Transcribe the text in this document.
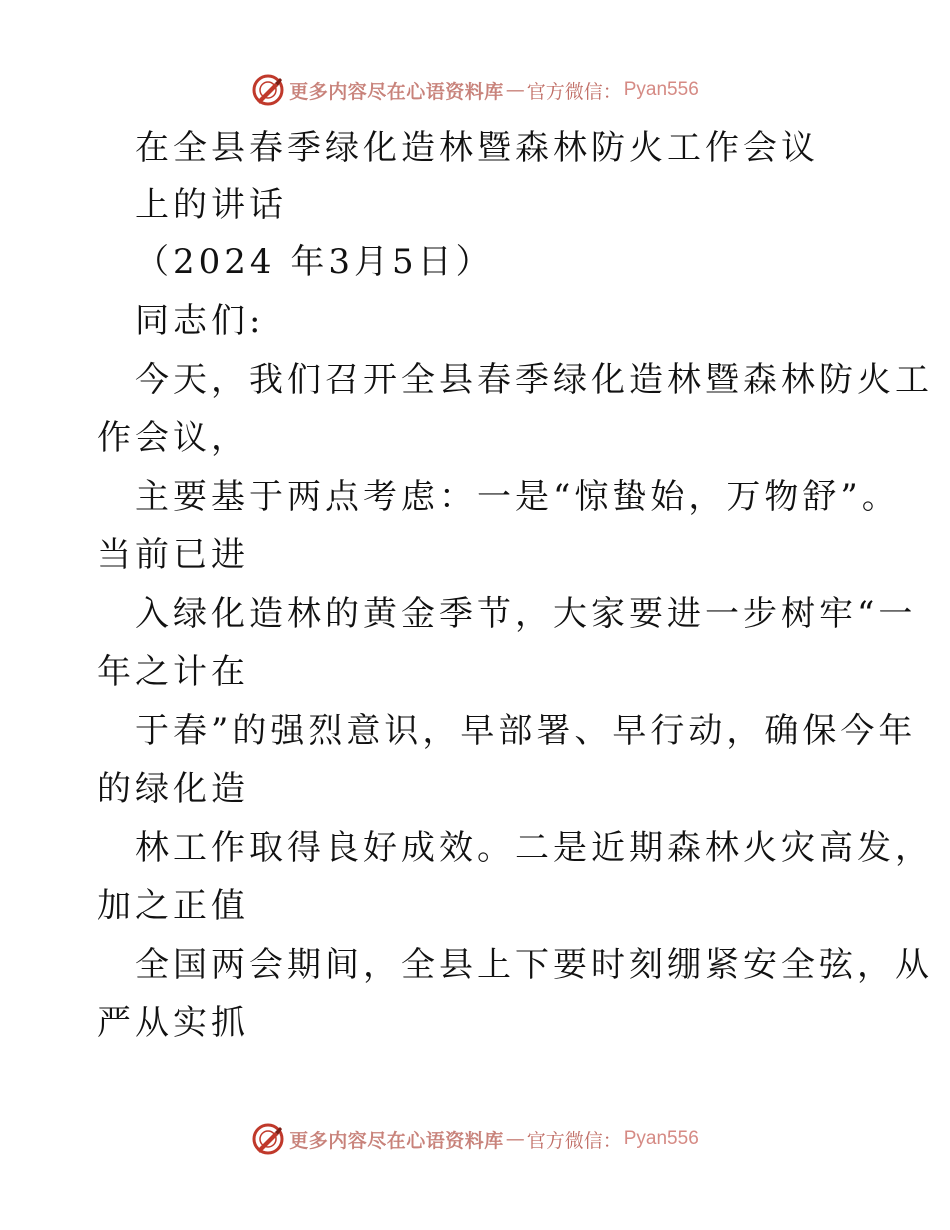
更多内容尽在心语资料库 — 官方微信： Pyan556
在全县春季绿化造林暨森林防火工作会议
上的讲话
（2024 年3月5日）
同志们:
今天，我们召开全县春季绿化造林暨森林防火工
作会议，
主要基于两点考虑：一是“惊蛰始，万物舒”。
当前已进
入绿化造林的黄金季节，大家要进一步树牢“一
年之计在
于春”的强烈意识，早部署、早行动，确保今年
的绿化造
林工作取得良好成效。二是近期森林火灾高发，
加之正值
全国两会期间，全县上下要时刻绷紧安全弦，从
严从实抓
更多内容尽在心语资料库 — 官方微信： Pyan556
